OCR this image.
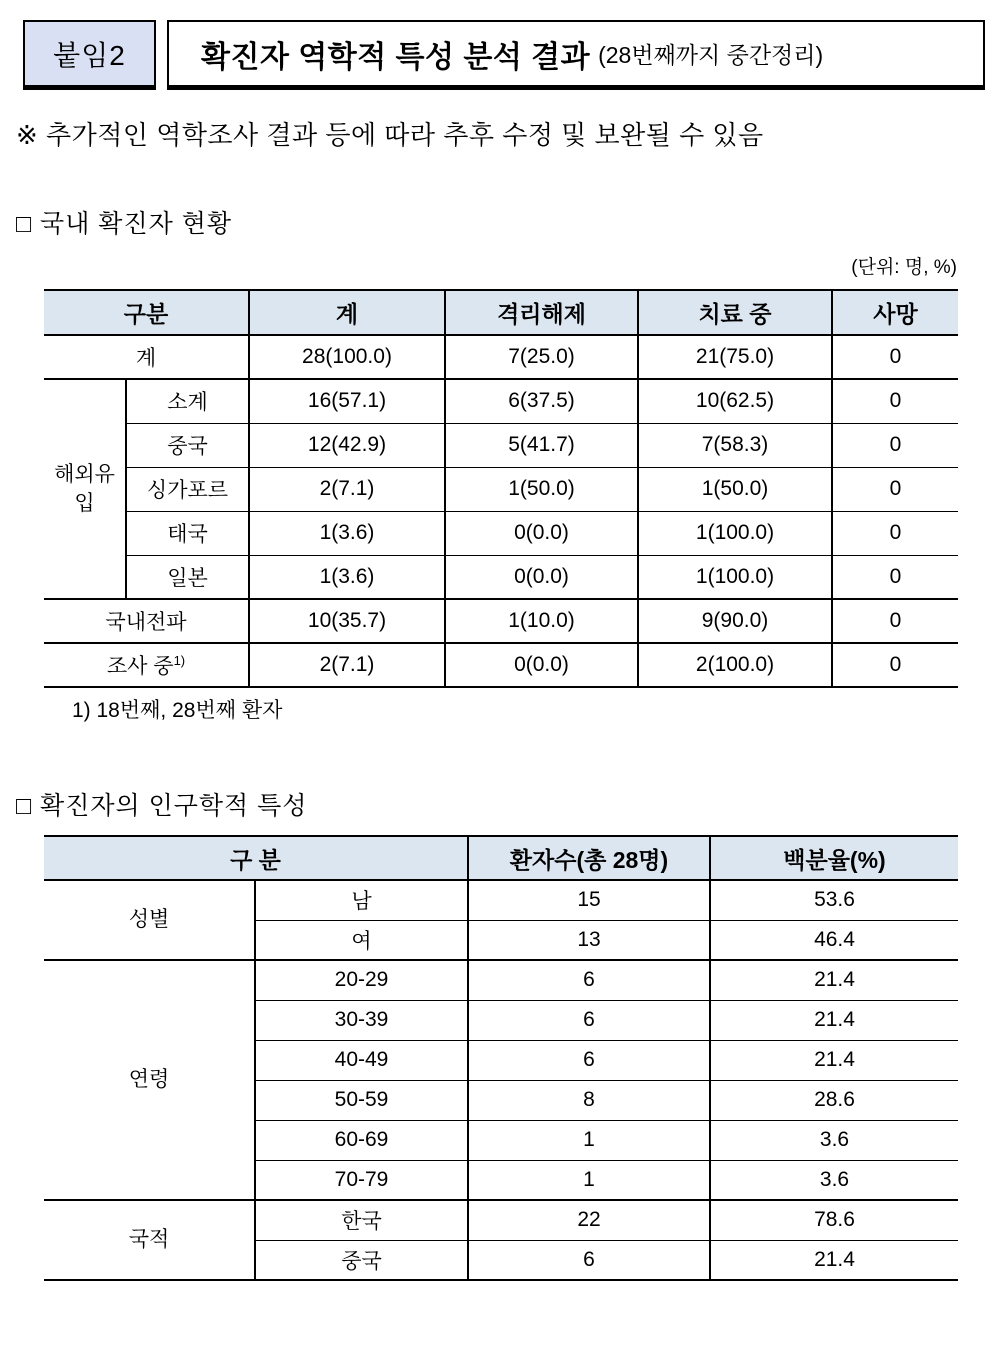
붙임2	확진자 역학적 특성 분석 결과 (28번째까지 중간정리)
※ 추가적인 역학조사 결과 등에 따라 추후 수정 및 보완될 수 있음
□ 국내 확진자 현황
(단위: 명, %)
구분		계	격리해제	치료 중	사망
계		28(100.0)	7(25.0)	21(75.0)	0
해외유입	소계	16(57.1)	6(37.5)	10(62.5)	0
	중국	12(42.9)	5(41.7)	7(58.3)	0
	싱가포르	2(7.1)	1(50.0)	1(50.0)	0
	태국	1(3.6)	0(0.0)	1(100.0)	0
	일본	1(3.6)	0(0.0)	1(100.0)	0
국내전파		10(35.7)	1(10.0)	9(90.0)	0
조사 중$^{1)}$		2(7.1)	0(0.0)	2(100.0)	0
1) 18번째, 28번째 환자
□ 확진자의 인구학적 특성
구 분		환자수(총 28명)	백분율(%)
성별	남	15	53.6
	여	13	46.4
연령	20-29	6	21.4
	30-39	6	21.4
	40-49	6	21.4
	50-59	8	28.6
	60-69	1	3.6
	70-79	1	3.6
국적	한국	22	78.6
	중국	6	21.4
